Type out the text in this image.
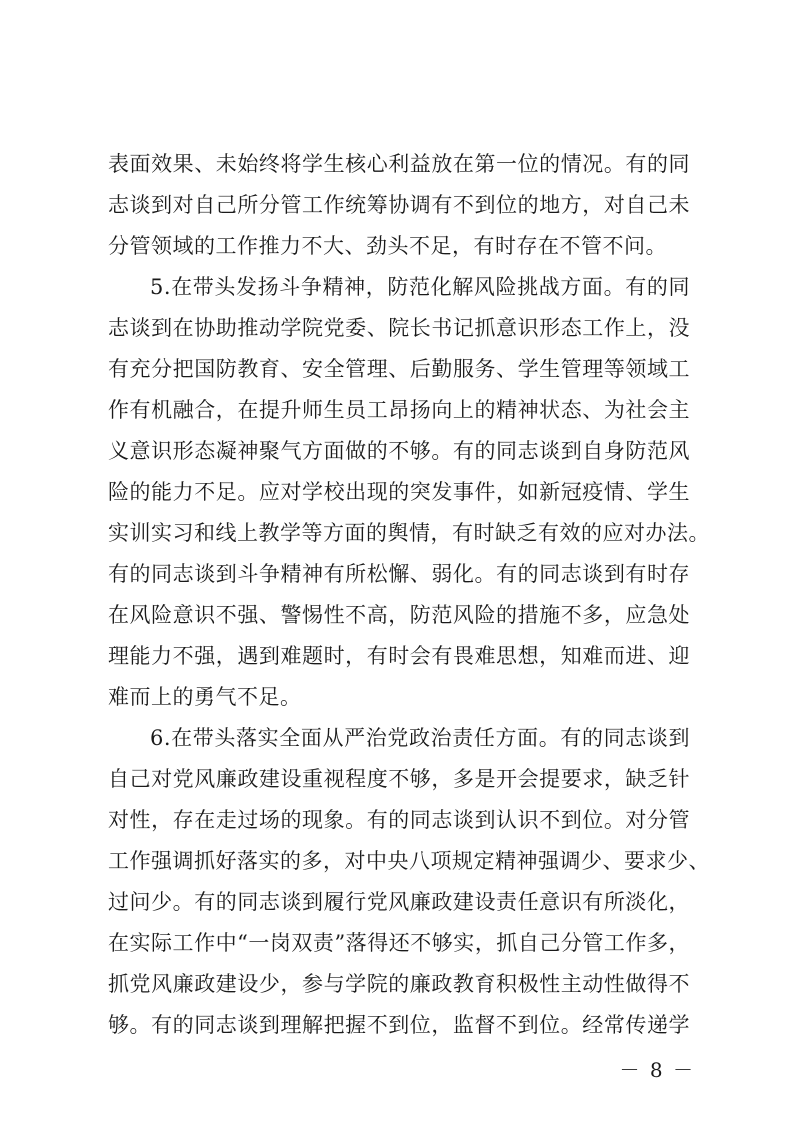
表面效果、未始终将学生核心利益放在第一位的情况。有的同
志谈到对自己所分管工作统筹协调有不到位的地方，对自己未
分管领域的工作推力不大、劲头不足，有时存在不管不问。
5.在带头发扬斗争精神，防范化解风险挑战方面。有的同
志谈到在协助推动学院党委、院长书记抓意识形态工作上，没
有充分把国防教育、安全管理、后勤服务、学生管理等领域工
作有机融合，在提升师生员工昂扬向上的精神状态、为社会主
义意识形态凝神聚气方面做的不够。有的同志谈到自身防范风
险的能力不足。应对学校出现的突发事件，如新冠疫情、学生
实训实习和线上教学等方面的舆情，有时缺乏有效的应对办法。
有的同志谈到斗争精神有所松懈、弱化。有的同志谈到有时存
在风险意识不强、警惕性不高，防范风险的措施不多，应急处
理能力不强，遇到难题时，有时会有畏难思想，知难而进、迎
难而上的勇气不足。
6.在带头落实全面从严治党政治责任方面。有的同志谈到
自己对党风廉政建设重视程度不够，多是开会提要求，缺乏针
对性，存在走过场的现象。有的同志谈到认识不到位。对分管
工作强调抓好落实的多，对中央八项规定精神强调少、要求少、
过问少。有的同志谈到履行党风廉政建设责任意识有所淡化，
在实际工作中“一岗双责”落得还不够实，抓自己分管工作多，
抓党风廉政建设少，参与学院的廉政教育积极性主动性做得不
够。有的同志谈到理解把握不到位，监督不到位。经常传递学
－ 8 －
